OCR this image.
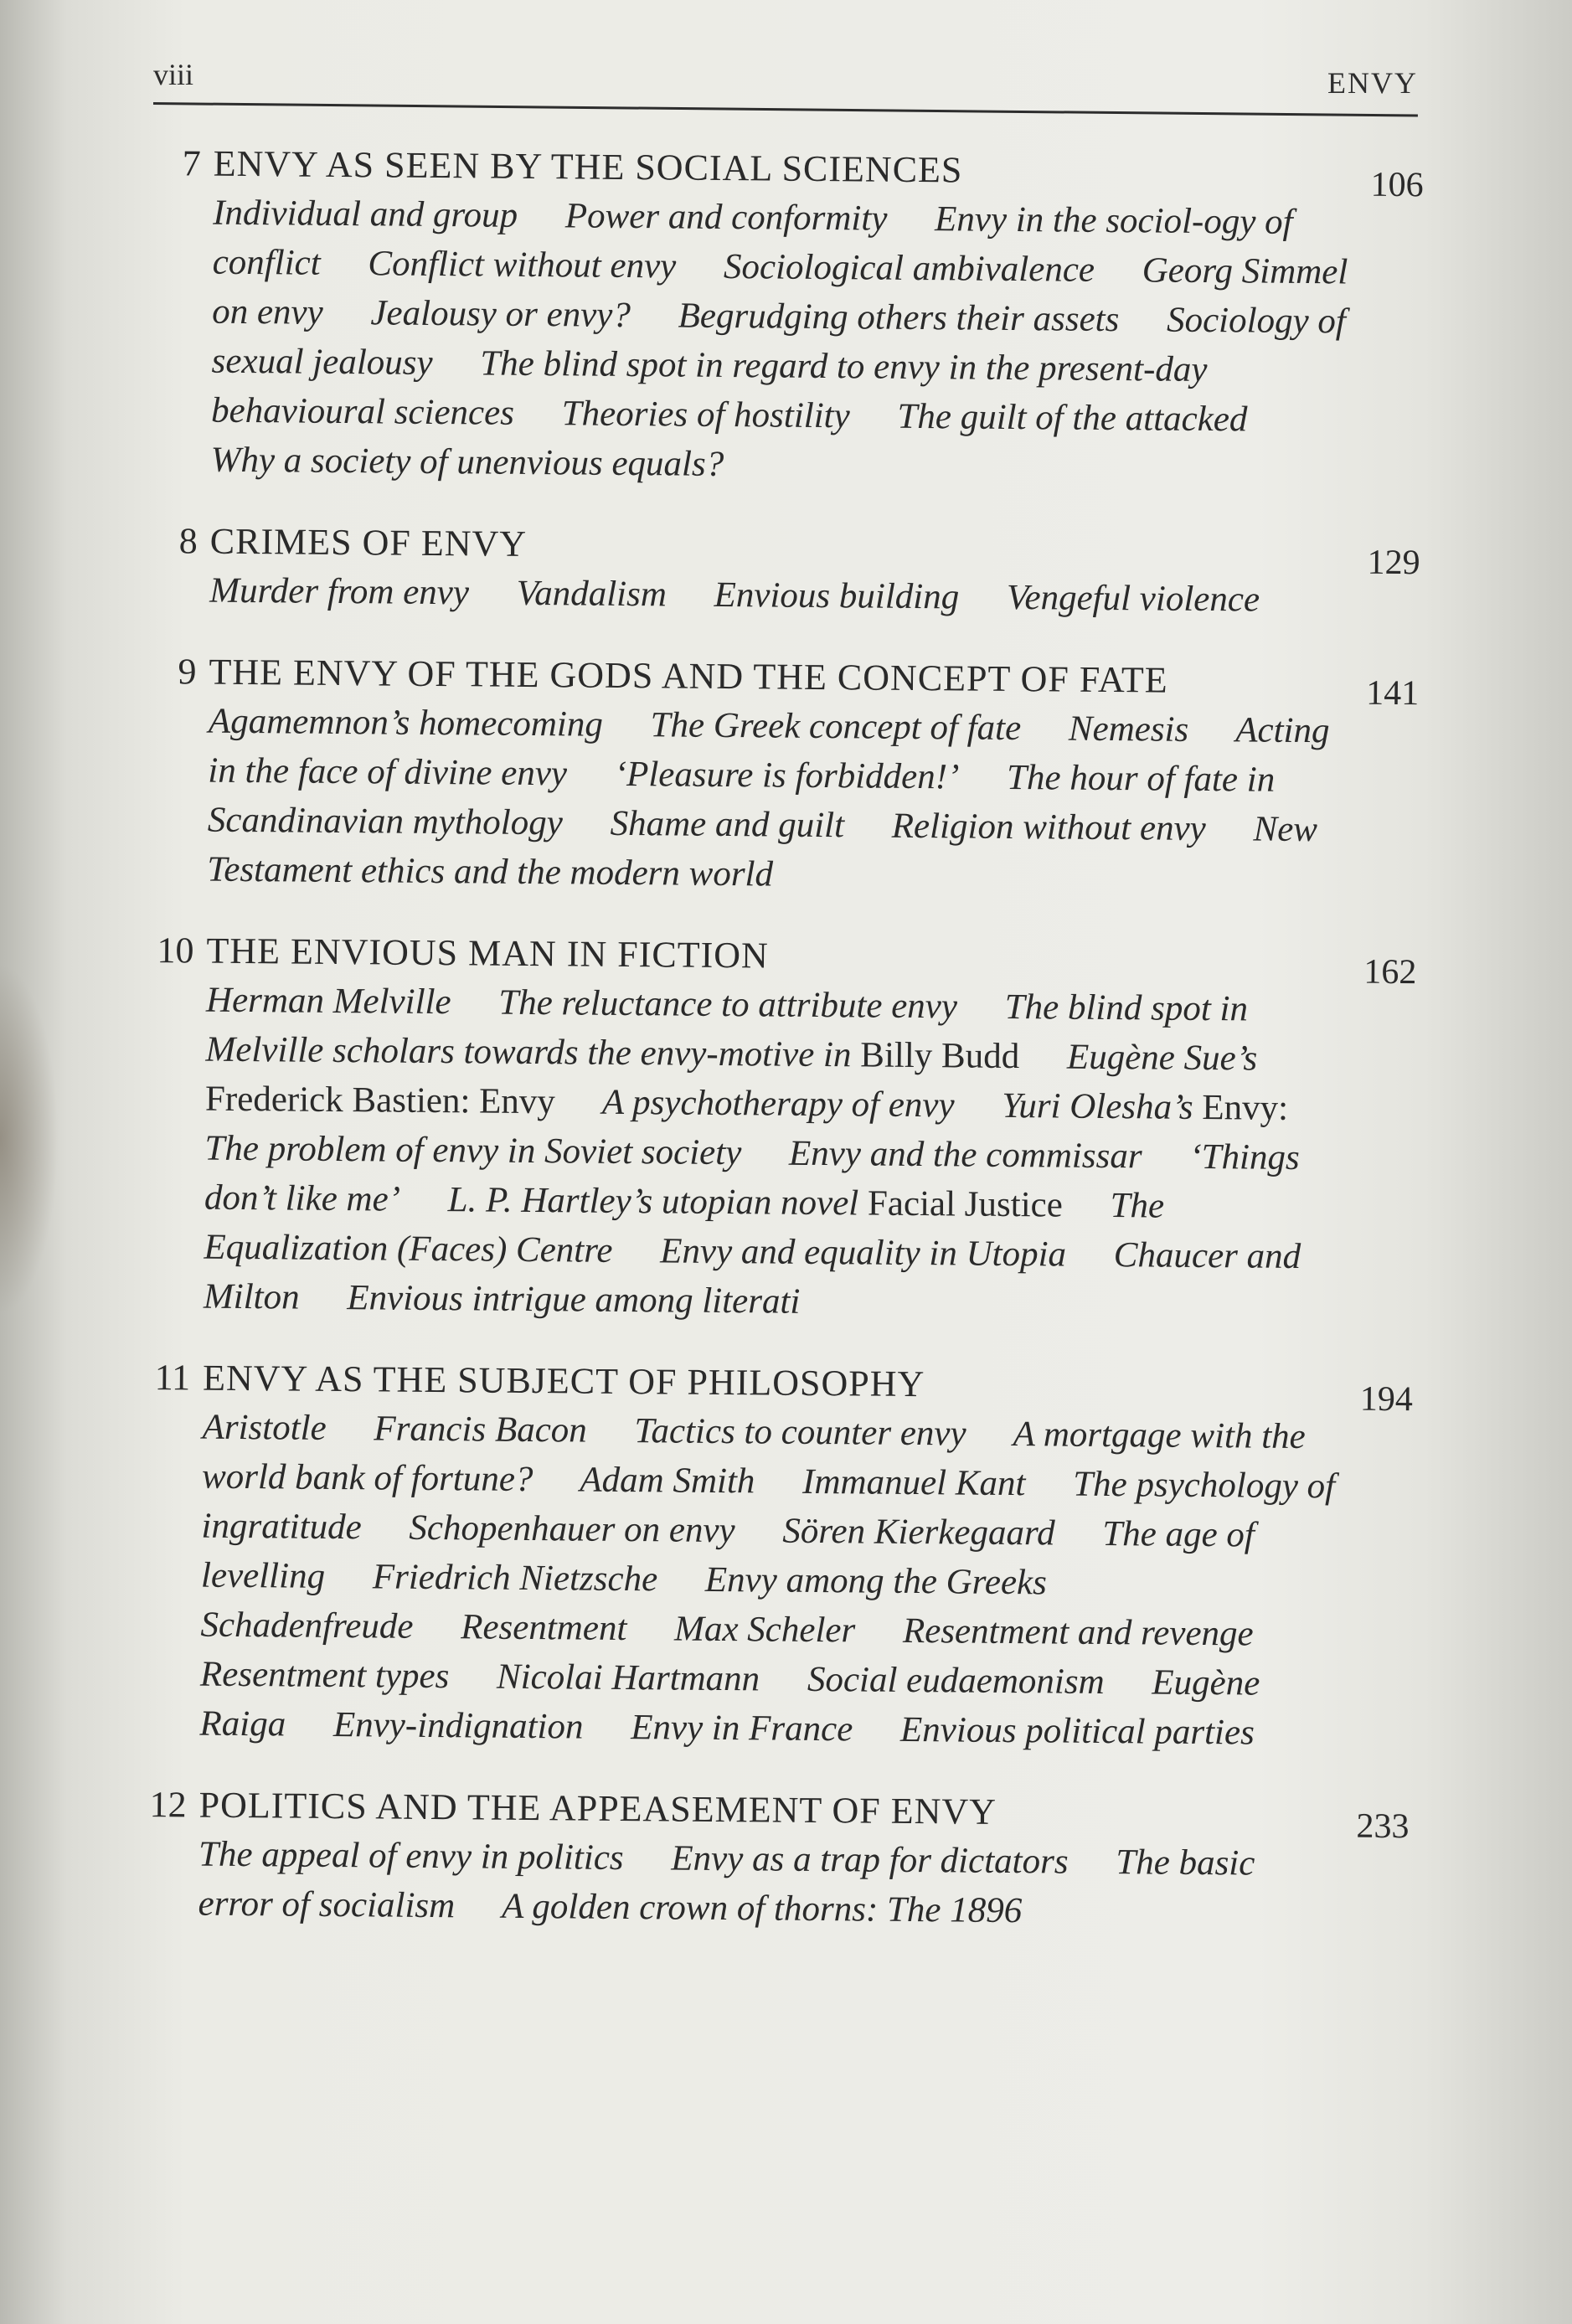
viii	ENVY
7
106
ENVY AS SEEN BY THE SOCIAL SCIENCES
Individual and group Power and conformity Envy in the sociol-ogy of conflict Conflict without envy Sociological ambivalence Georg Simmel on envy Jealousy or envy? Begrudging others their assets Sociology of sexual jealousy The blind spot in regard to envy in the present-day behavioural sciences Theories of hostility The guilt of the attacked Why a society of unenvious equals?
8
129
CRIMES OF ENVY
Murder from envy Vandalism Envious building Vengeful violence
9
141
THE ENVY OF THE GODS AND THE CONCEPT OF FATE
Agamemnon’s homecoming The Greek concept of fate Nemesis Acting in the face of divine envy ‘Pleasure is forbidden!’ The hour of fate in Scandinavian mythology Shame and guilt Religion without envy New Testament ethics and the modern world
10
162
THE ENVIOUS MAN IN FICTION
Herman Melville The reluctance to attribute envy The blind spot in Melville scholars towards the envy-motive in Billy Budd Eugène Sue’s Frederick Bastien: Envy A psychotherapy of envy Yuri Olesha’s Envy: The problem of envy in Soviet society Envy and the commissar ‘Things don’t like me’ L. P. Hartley’s utopian novel Facial Justice The Equalization (Faces) Centre Envy and equality in Utopia Chaucer and Milton Envious intrigue among literati
11
194
ENVY AS THE SUBJECT OF PHILOSOPHY
Aristotle Francis Bacon Tactics to counter envy A mortgage with the world bank of fortune? Adam Smith Immanuel Kant The psychology of ingratitude Schopenhauer on envy Sören Kierkegaard The age of levelling Friedrich Nietzsche Envy among the Greeks Schadenfreude Resentment Max Scheler Resentment and revenge Resentment types Nicolai Hartmann Social eudaemonism Eugène Raiga Envy-indignation Envy in France Envious political parties
12
233
POLITICS AND THE APPEASEMENT OF ENVY
The appeal of envy in politics Envy as a trap for dictators The basic error of socialism A golden crown of thorns: The 1896
